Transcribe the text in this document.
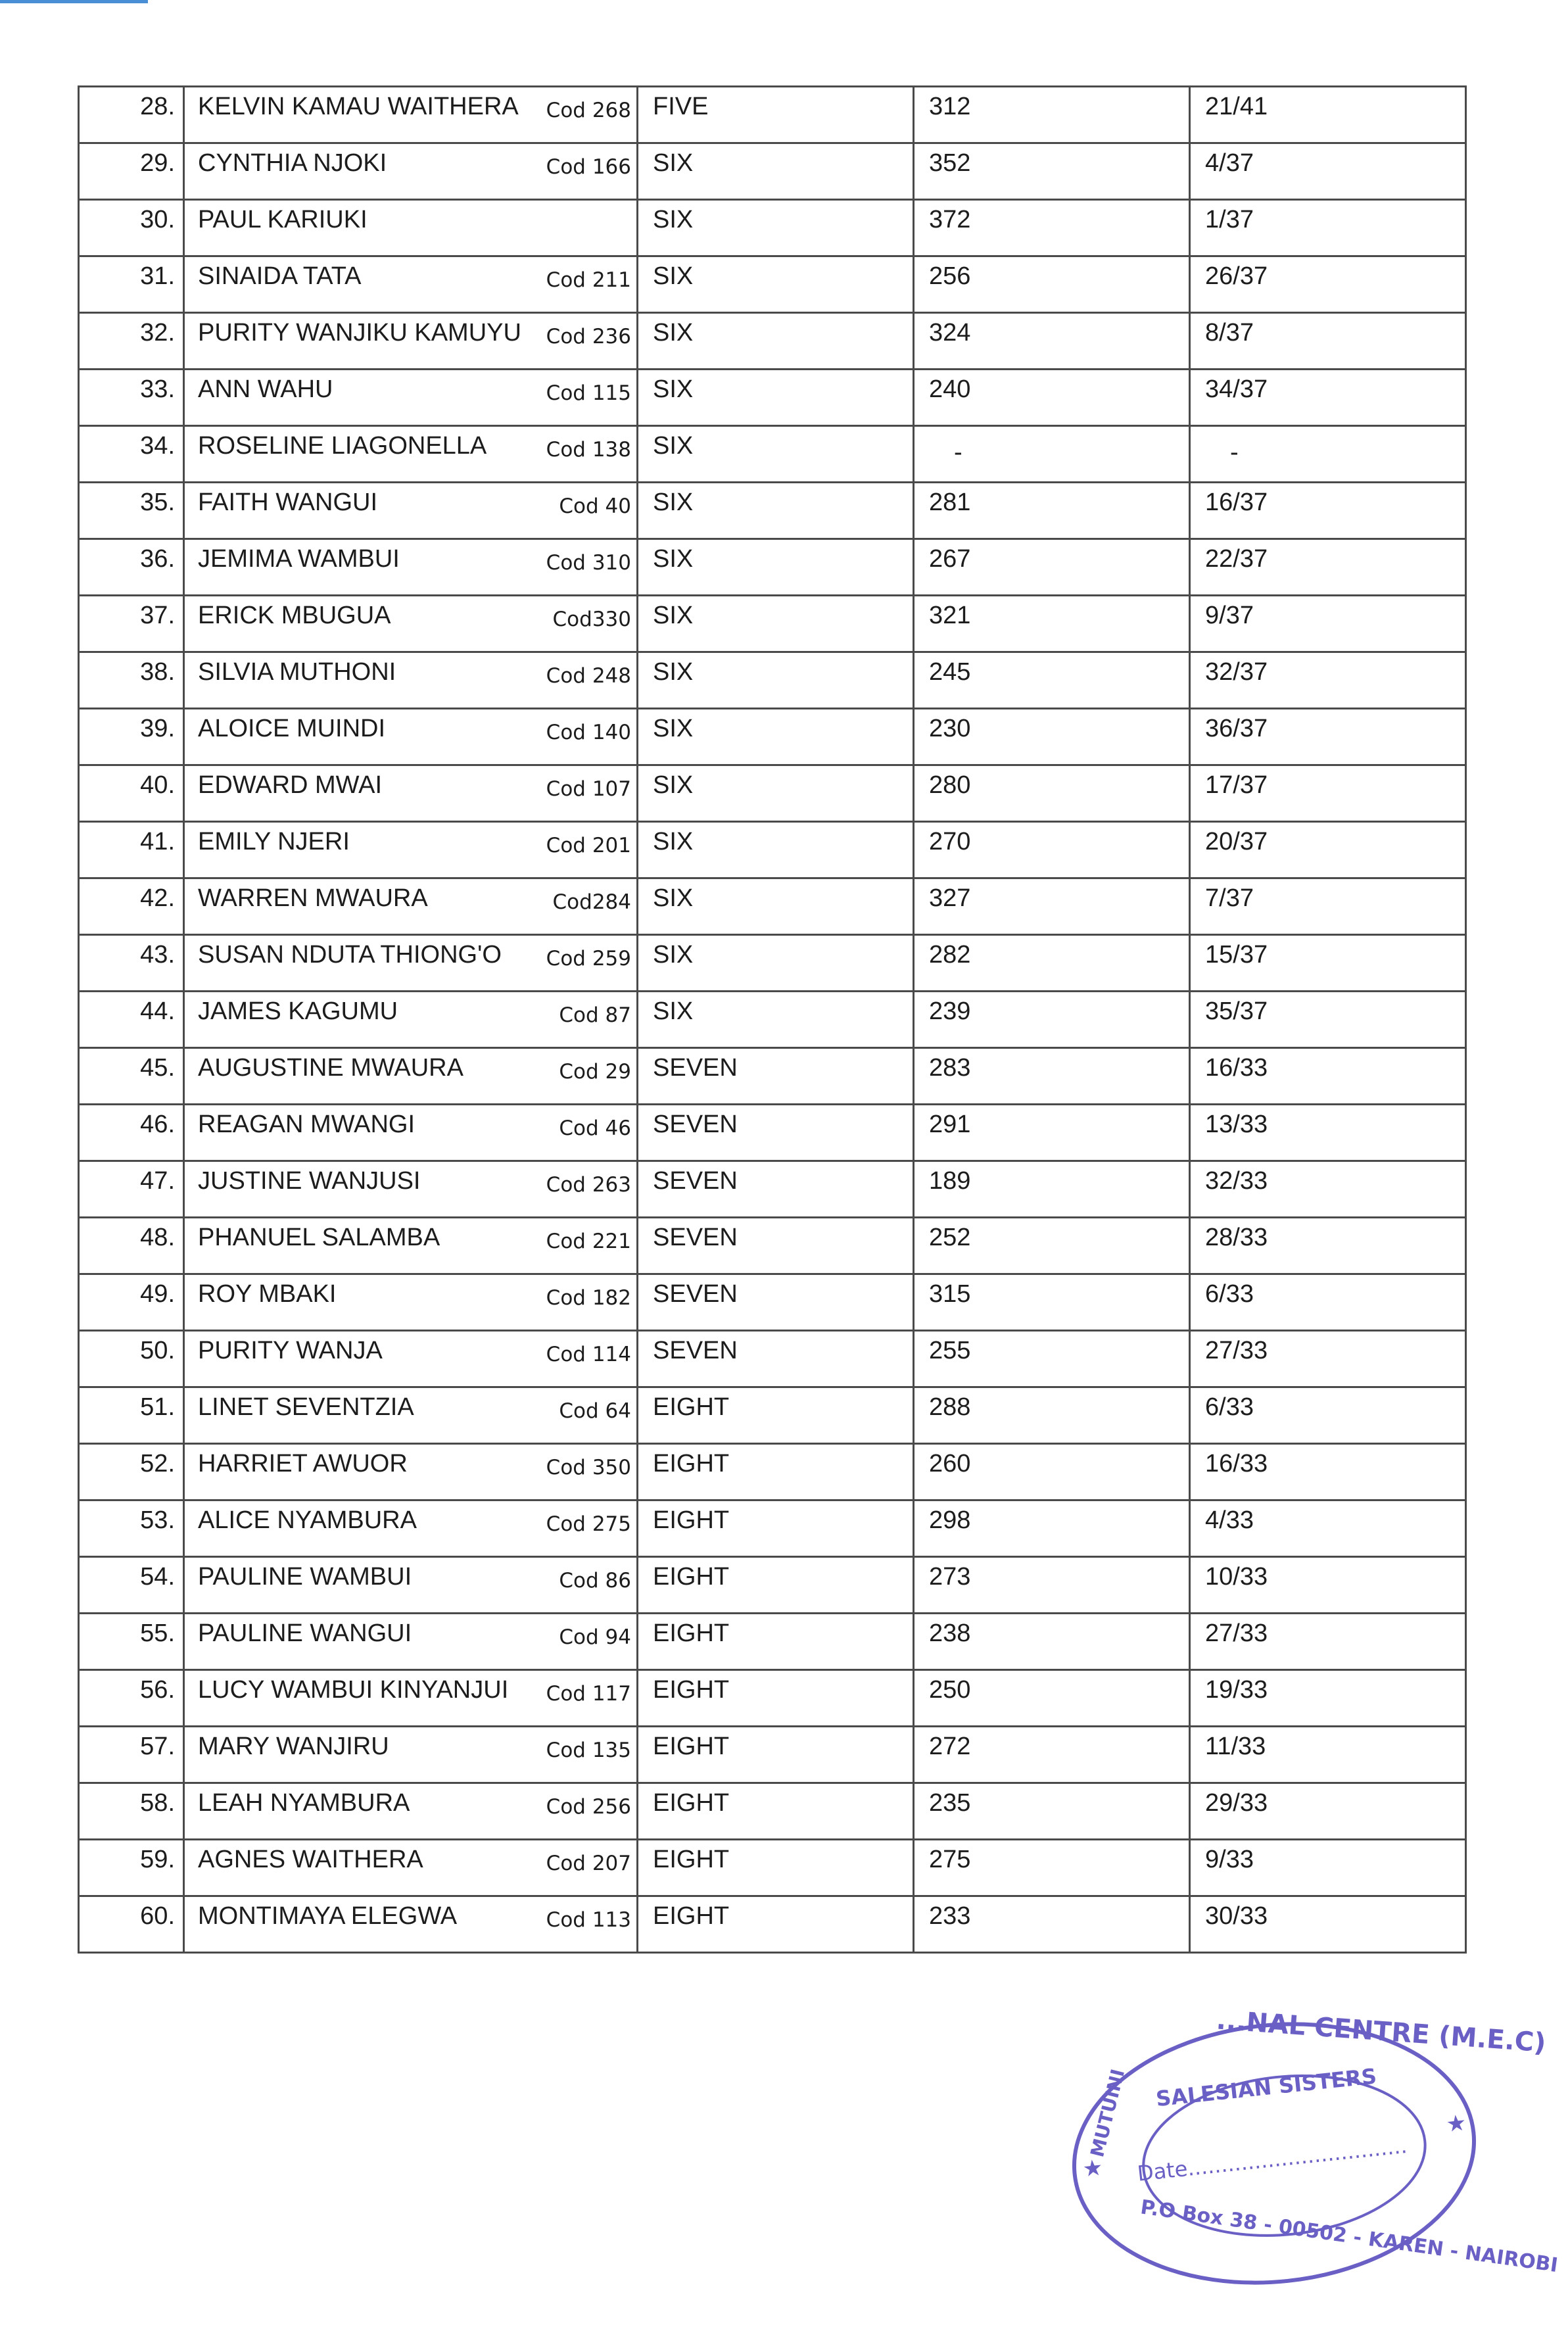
28.	KELVIN KAMAU WAITHERA Cod 268	FIVE	312	21/41

29.	CYNTHIA NJOKI Cod 166	SIX	352	4/37

30.	PAUL KARIUKI	SIX	372	1/37

31.	SINAIDA TATA Cod 211	SIX	256	26/37

32.	PURITY WANJIKU KAMUYU Cod 236	SIX	324	8/37

33.	ANN WAHU Cod 115	SIX	240	34/37

34.	ROSELINE LIAGONELLA Cod 138	SIX	-	-

35.	FAITH WANGUI Cod 40	SIX	281	16/37

36.	JEMIMA WAMBUI Cod 310	SIX	267	22/37

37.	ERICK MBUGUA Cod330	SIX	321	9/37

38.	SILVIA MUTHONI Cod 248	SIX	245	32/37

39.	ALOICE MUINDI Cod 140	SIX	230	36/37

40.	EDWARD MWAI Cod 107	SIX	280	17/37

41.	EMILY NJERI Cod 201	SIX	270	20/37

42.	WARREN MWAURA Cod284	SIX	327	7/37

43.	SUSAN NDUTA THIONG'O Cod 259	SIX	282	15/37

44.	JAMES KAGUMU Cod 87	SIX	239	35/37

45.	AUGUSTINE MWAURA Cod 29	SEVEN	283	16/33

46.	REAGAN MWANGI Cod 46	SEVEN	291	13/33

47.	JUSTINE WANJUSI Cod 263	SEVEN	189	32/33

48.	PHANUEL SALAMBA Cod 221	SEVEN	252	28/33

49.	ROY MBAKI Cod 182	SEVEN	315	6/33

50.	PURITY WANJA Cod 114	SEVEN	255	27/33

51.	LINET SEVENTZIA Cod 64	EIGHT	288	6/33

52.	HARRIET AWUOR Cod 350	EIGHT	260	16/33

53.	ALICE NYAMBURA Cod 275	EIGHT	298	4/33

54.	PAULINE WAMBUI Cod 86	EIGHT	273	10/33

55.	PAULINE WANGUI Cod 94	EIGHT	238	27/33

56.	LUCY WAMBUI KINYANJUI Cod 117	EIGHT	250	19/33

57.	MARY WANJIRU Cod 135	EIGHT	272	11/33

58.	LEAH NYAMBURA Cod 256	EIGHT	235	29/33

59.	AGNES WAITHERA Cod 207	EIGHT	275	9/33

60.	MONTIMAYA ELEGWA Cod 113	EIGHT	233	30/33
★
★
MUTUINI
...NAL CENTRE (M.E.C)
SALESIAN SISTERS
Date.................................
P.O Box 38 - 00502 - KAREN - NAIROBI
